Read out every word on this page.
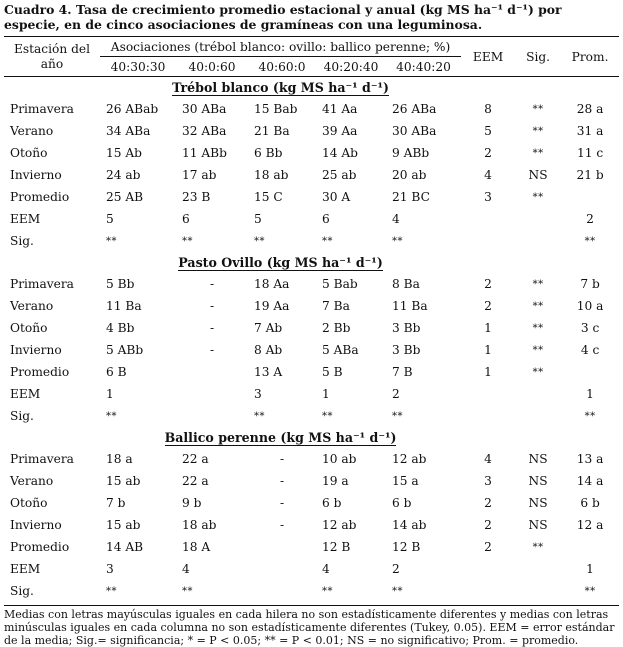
Cuadro 4. Tasa de crecimiento promedio estacional y anual (kg MS ha⁻¹ d⁻¹) por especie, en de cinco asociaciones de gramíneas con una leguminosa.
Estación del
año	Asociaciones (trébol blanco: ovillo: ballico perenne; %)					EEM	Sig.	Prom.
	40:30:30	40:0:60	40:60:0	40:20:40	40:40:20			
	Trébol blanco (kg MS ha⁻¹ d⁻¹)							
Primavera	26 ABab	30 ABa	15 Bab	41 Aa	26 ABa	8	**	28 a
Verano	34 ABa	32 ABa	21 Ba	39 Aa	30 ABa	5	**	31 a
Otoño	15 Ab	11 ABb	6 Bb	14 Ab	9 ABb	2	**	11 c
Invierno	24 ab	17 ab	18 ab	25 ab	20 ab	4	NS	21 b
Promedio	25 AB	23 B	15 C	30 A	21 BC	3	**	
EEM	5	6	5	6	4			2
Sig.	**	**	**	**	**			**
	Pasto Ovillo (kg MS ha⁻¹ d⁻¹)							
Primavera	5 Bb	-	18 Aa	5 Bab	8 Ba	2	**	7 b
Verano	11 Ba	-	19 Aa	7 Ba	11 Ba	2	**	10 a
Otoño	4 Bb	-	7 Ab	2 Bb	3 Bb	1	**	3 c
Invierno	5 ABb	-	8 Ab	5 ABa	3 Bb	1	**	4 c
Promedio	6 B		13 A	5 B	7 B	1	**	
EEM	1		3	1	2			1
Sig.	**		**	**	**			**
	Ballico perenne (kg MS ha⁻¹ d⁻¹)							
Primavera	18 a	22 a	-	10 ab	12 ab	4	NS	13 a
Verano	15 ab	22 a	-	19 a	15 a	3	NS	14 a
Otoño	7 b	9 b	-	6 b	6 b	2	NS	6 b
Invierno	15 ab	18 ab	-	12 ab	14 ab	2	NS	12 a
Promedio	14 AB	18 A		12 B	12 B	2	**	
EEM	3	4		4	2			1
Sig.	**	**		**	**			**
Medias con letras mayúsculas iguales en cada hilera no son estadísticamente diferentes y medias con letras minúsculas iguales en cada columna no son estadísticamente diferentes (Tukey, 0.05). EEM = error estándar de la media; Sig.= significancia; * = P < 0.05; ** = P < 0.01; NS = no significativo; Prom. = promedio.
